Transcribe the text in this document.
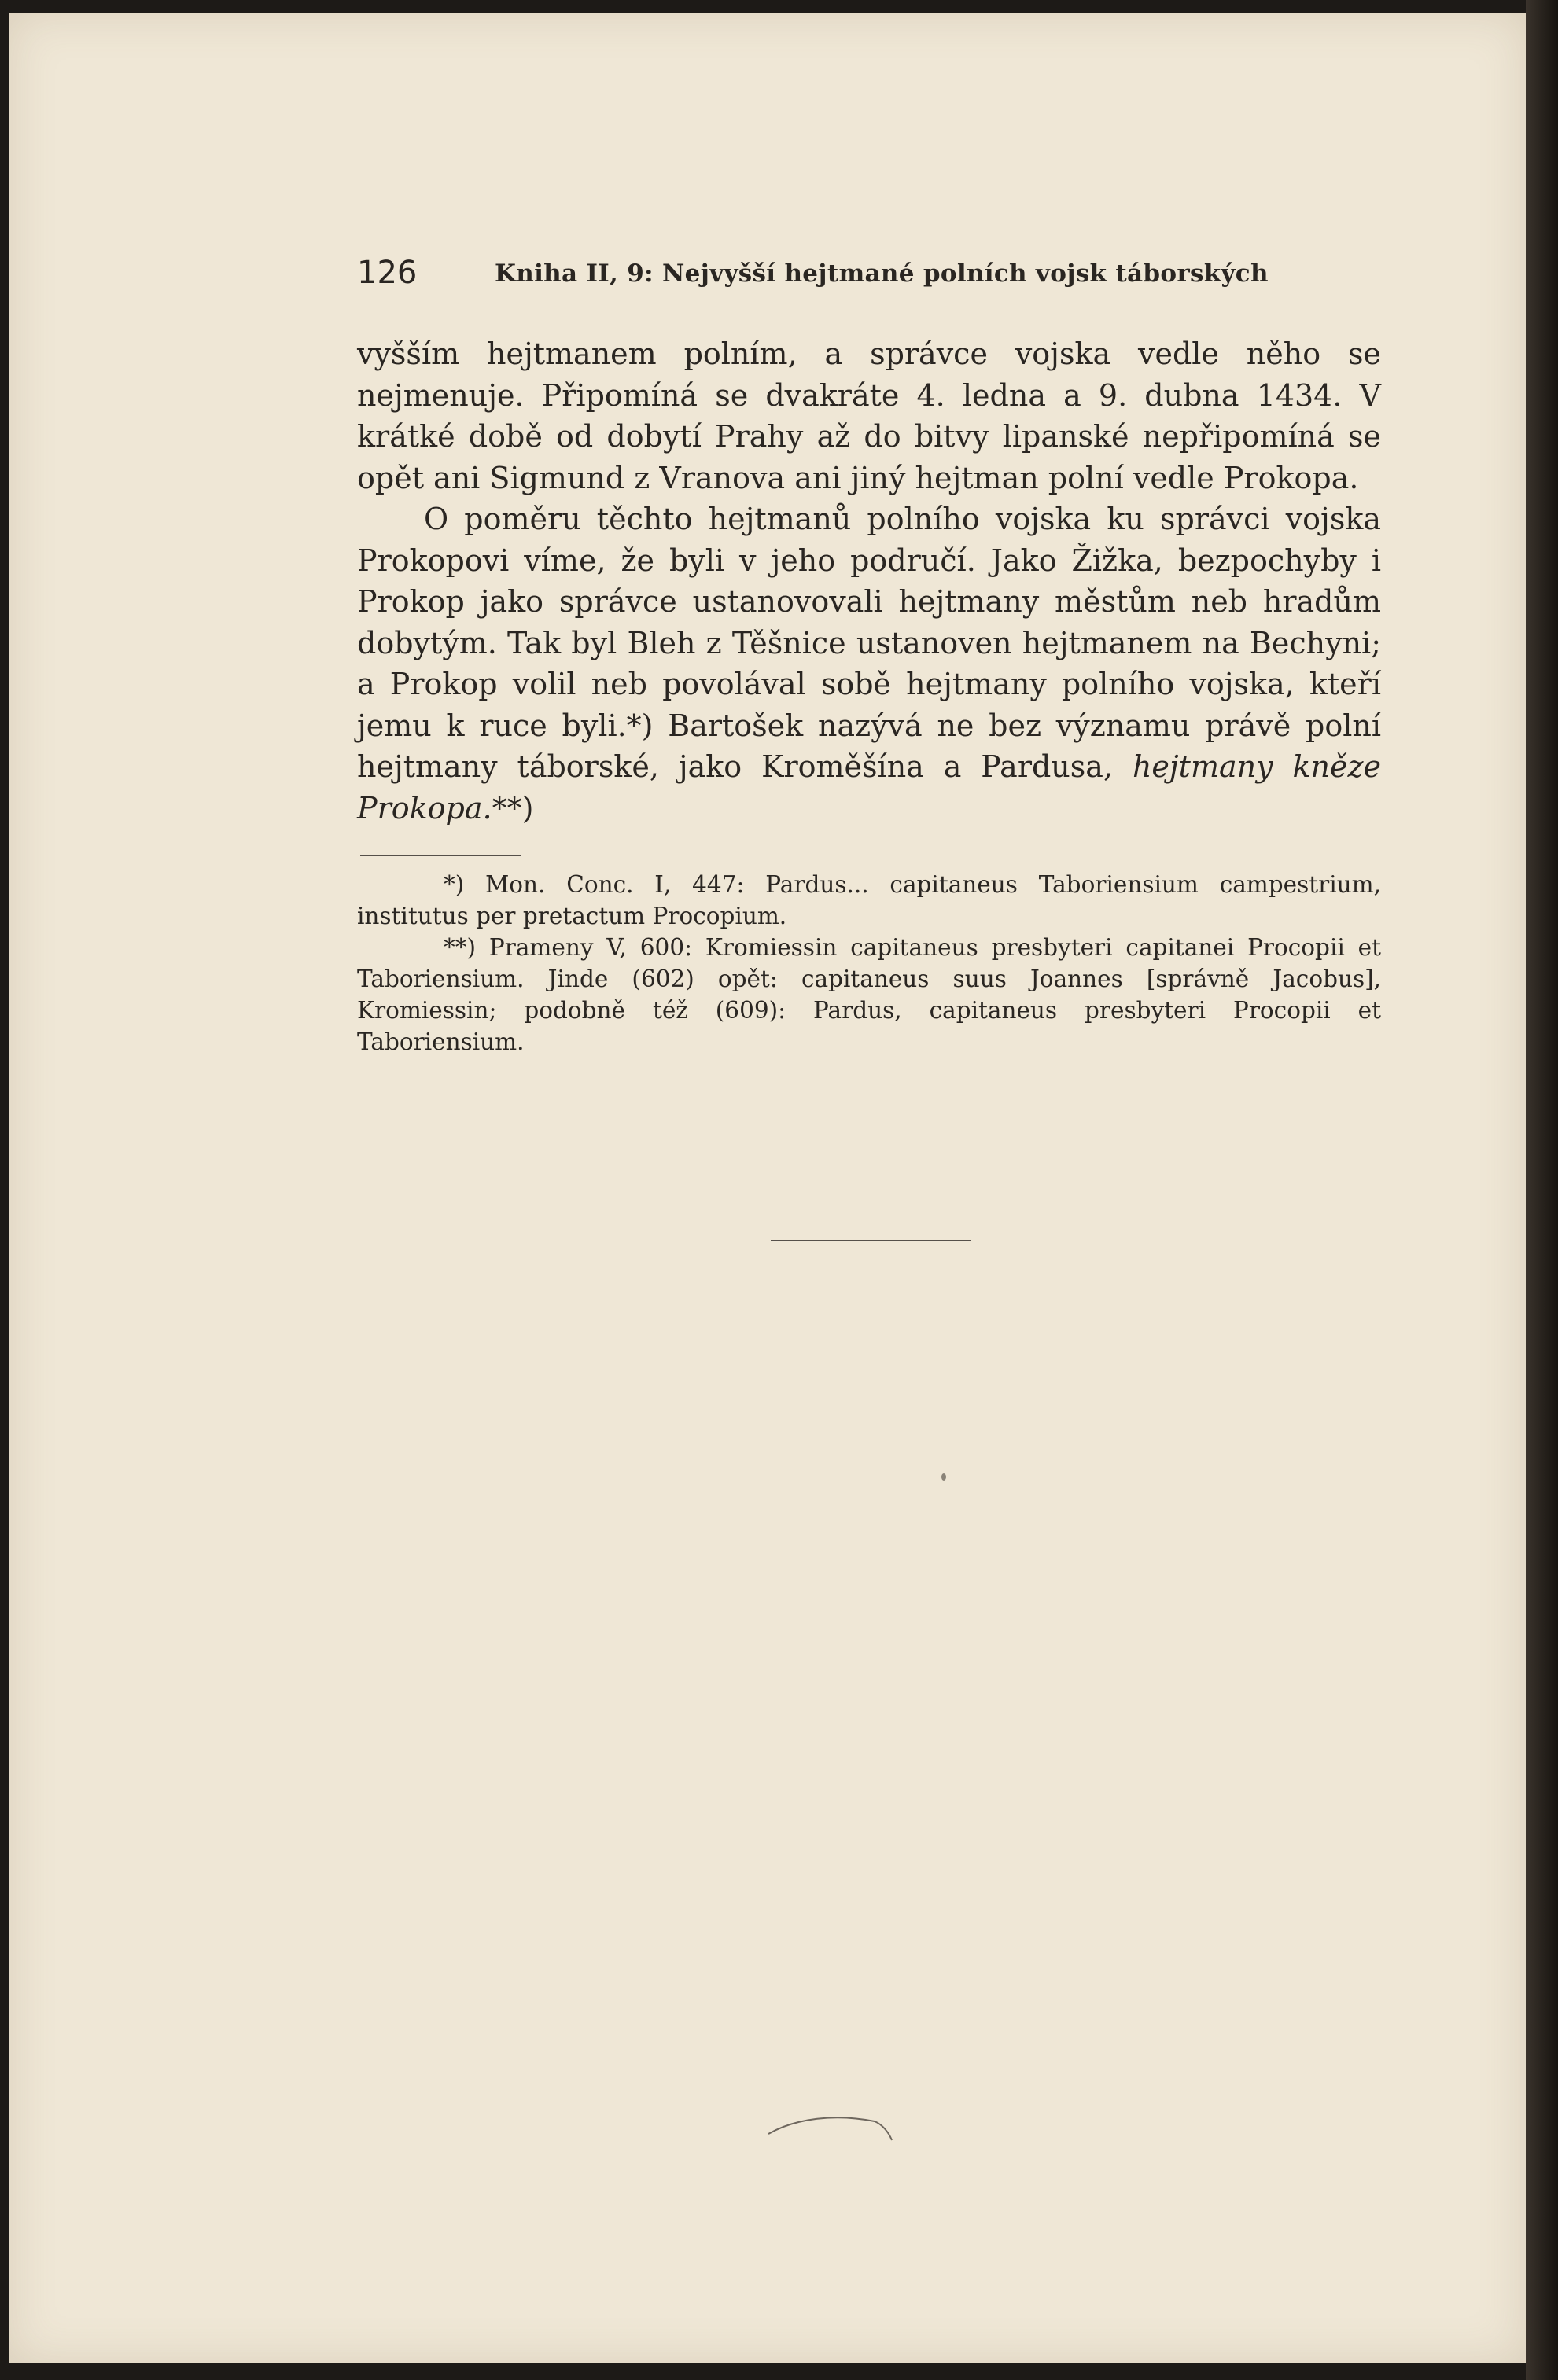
126	Kniha II, 9: Nejvyšší hejtmané polních vojsk táborských

vyšším hejtmanem polním, a správce vojska vedle něho se nejmenuje. Připomíná se dvakráte 4. ledna a 9. dubna 1434. V krátké době od dobytí Prahy až do bitvy lipanské nepřipomíná se opět ani Sigmund z Vranova ani jiný hejtman polní vedle Prokopa.

O poměru těchto hejtmanů polního vojska ku správci vojska Prokopovi víme, že byli v jeho područí. Jako Žižka, bezpochyby i Prokop jako správce ustanovovali hejtmany městům neb hradům dobytým. Tak byl Bleh z Těšnice ustanoven hejtmanem na Bechyni; a Prokop volil neb povolával sobě hejtmany polního vojska, kteří jemu k ruce byli.*) Bartošek nazývá ne bez významu právě polní hejtmany táborské, jako Kroměšína a Pardusa, hejtmany kněze Prokopa.**)

*) Mon. Conc. I, 447: Pardus... capitaneus Taboriensium campestrium, institutus per pretactum Procopium.

**) Prameny V, 600: Kromiessin capitaneus presbyteri capitanei Procopii et Taboriensium. Jinde (602) opět: capitaneus suus Joannes [správně Jacobus], Kromiessin; podobně též (609): Pardus, capitaneus presbyteri Procopii et Taboriensium.
